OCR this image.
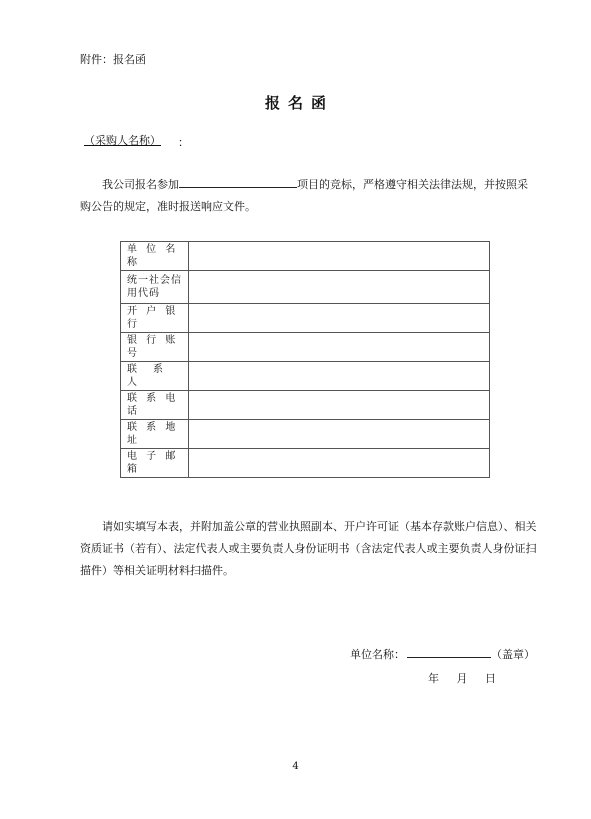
附件：报名函
报名函
（采购人名称） ：
我公司报名参加	项目的竞标，严格遵守相关法律法规，并按照采购公告的规定，准时报送响应文件。
单 位 名 称	
统一社会信用代码	
开 户 银 行	
银 行 账 号	
联　系　人	
联 系 电 话	
联 系 地 址	
电 子 邮 箱	
请如实填写本表，并附加盖公章的营业执照副本、开户许可证（基本存款账户信息）、相关资质证书（若有）、法定代表人或主要负责人身份证明书（含法定代表人或主要负责人身份证扫描件）等相关证明材料扫描件。
单位名称：	（盖章）
年 月 日
4
